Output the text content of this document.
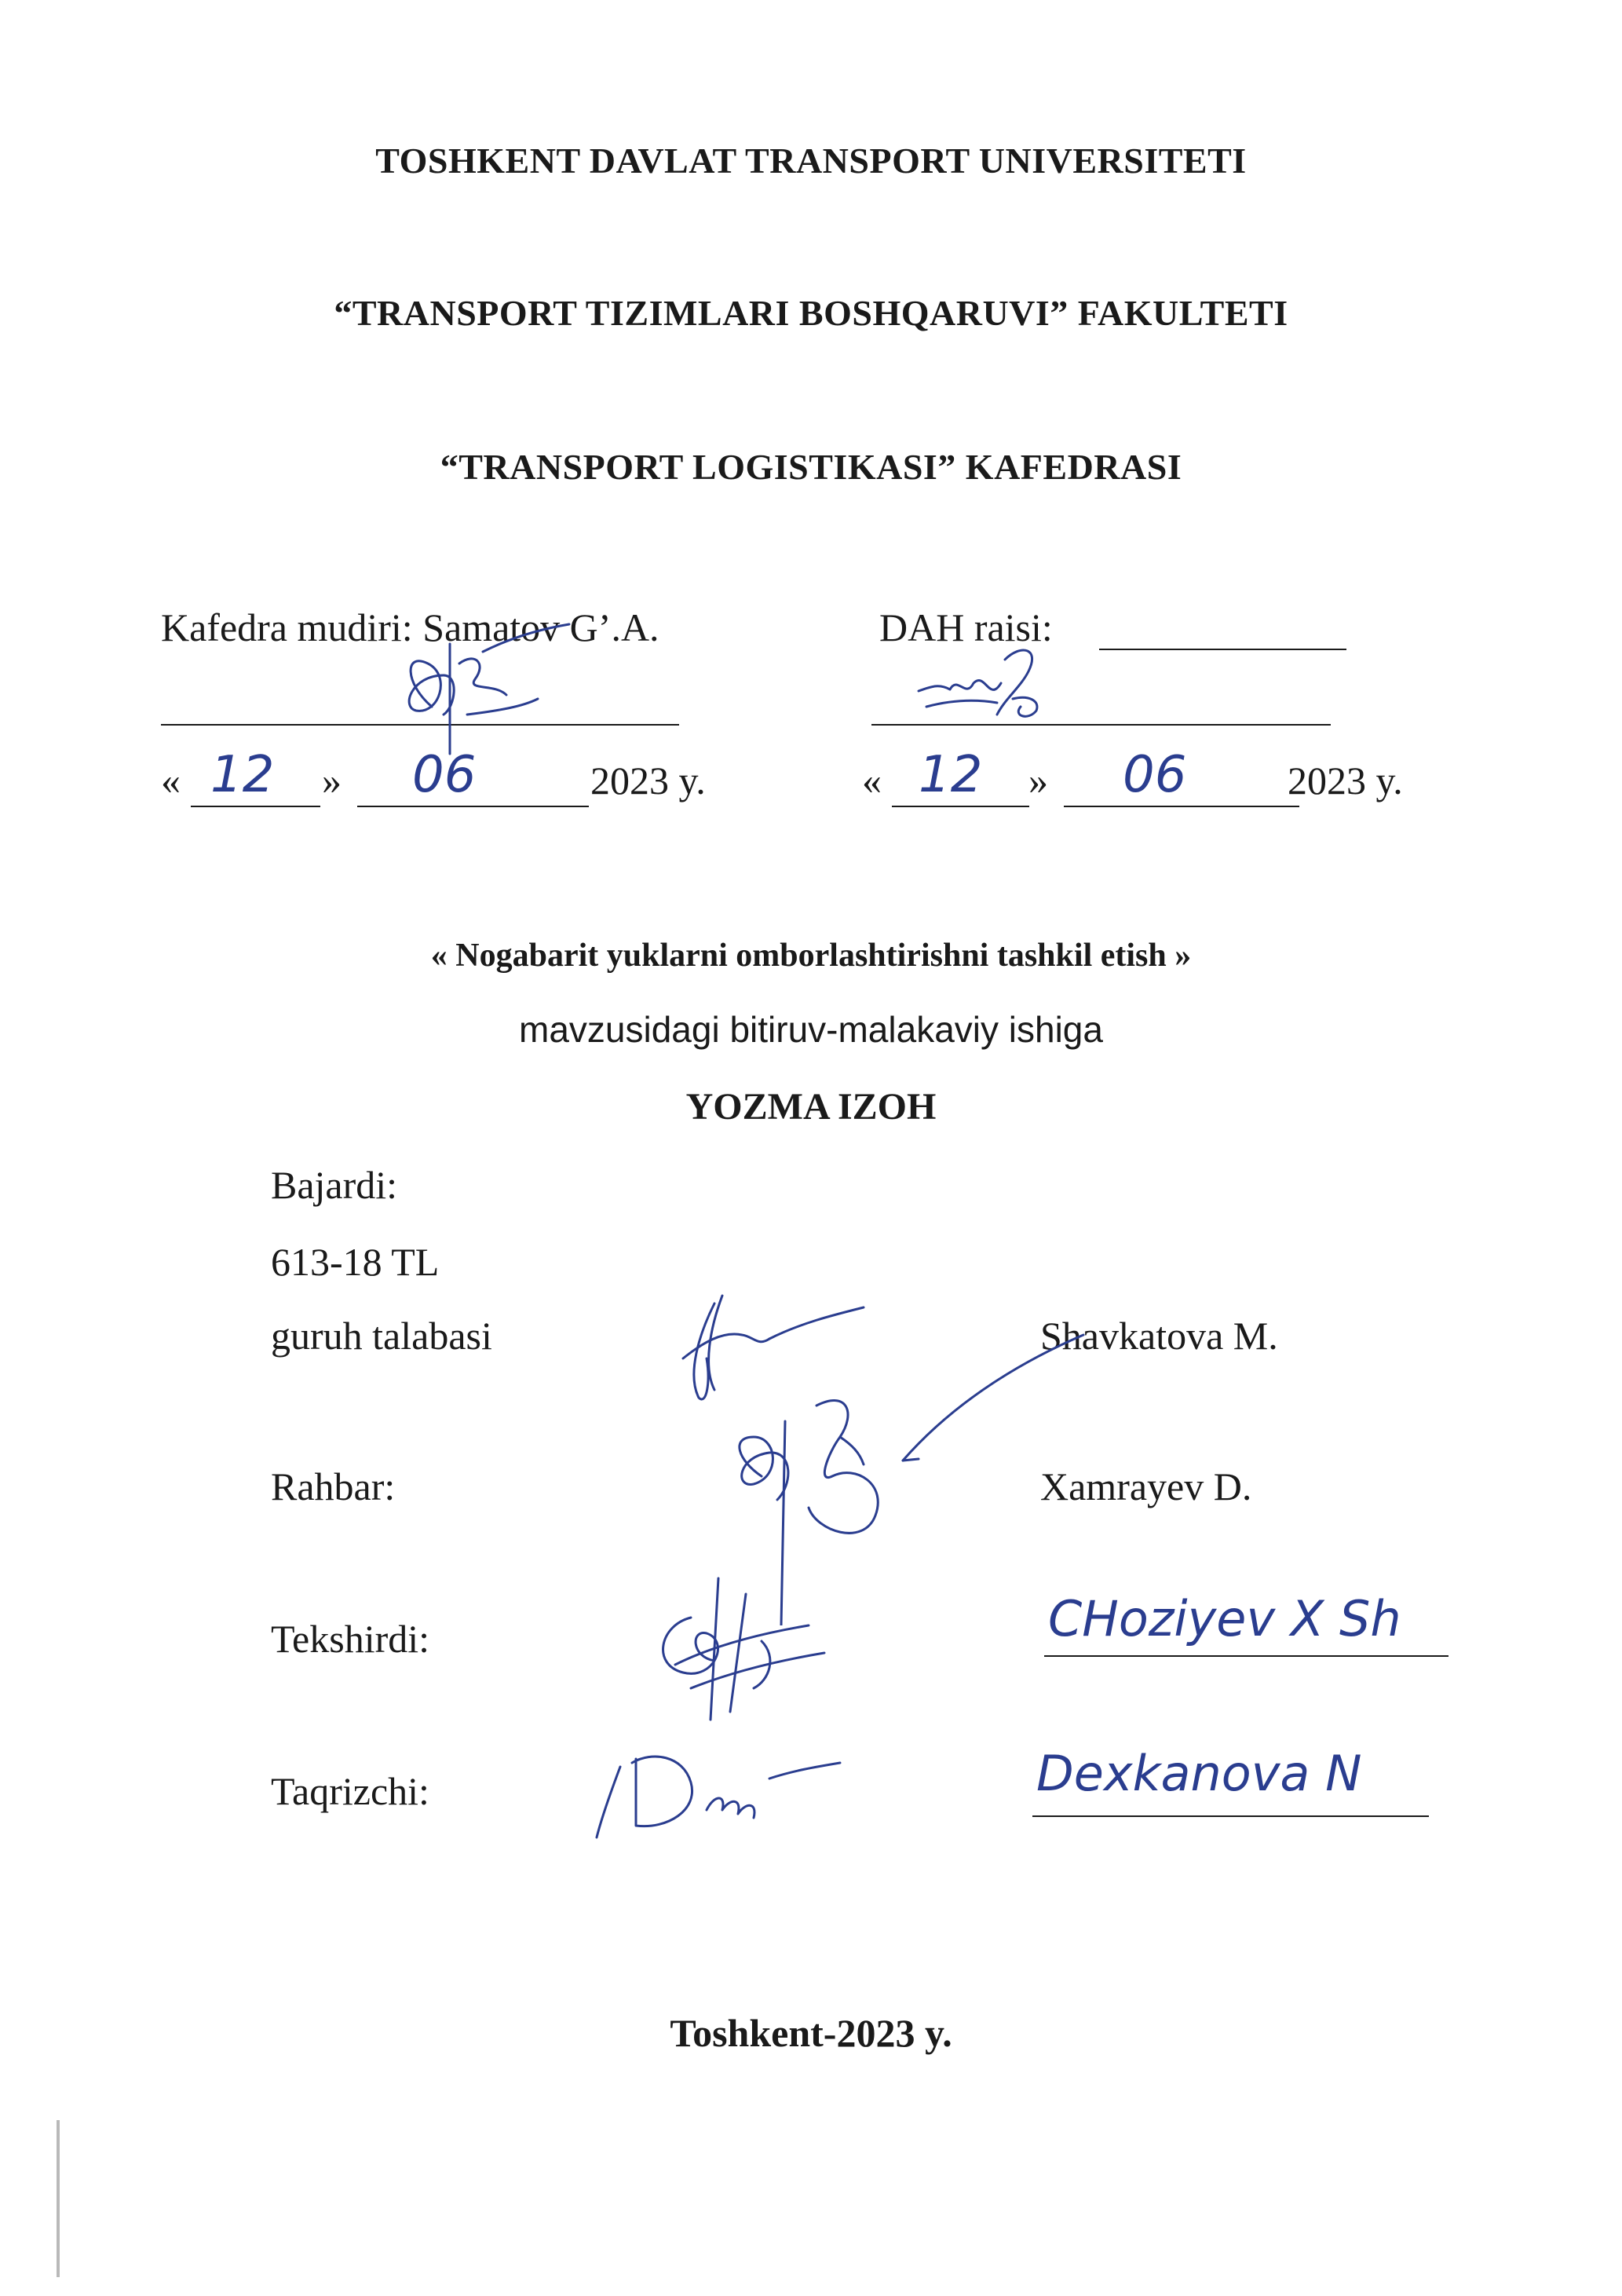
TOSHKENT DAVLAT TRANSPORT UNIVERSITETI
“TRANSPORT TIZIMLARI BOSHQARUVI” FAKULTETI
“TRANSPORT LOGISTIKASI” KAFEDRASI
Kafedra mudiri: Samatov G’.A.
« 12 » 06	2023 y.
DAH raisi:
« 12 » 06	2023 y.
« Nogabarit yuklarni omborlashtirishni tashkil etish »
mavzusidagi bitiruv-malakaviy ishiga
YOZMA IZOH
Bajardi:
613-18 TL
guruh talabasi	Shavkatova M.
Rahbar:	Xamrayev D.
Tekshirdi:	CHoziyev X Sh
Taqrizchi:	Dexkanova N
Toshkent-2023 y.
